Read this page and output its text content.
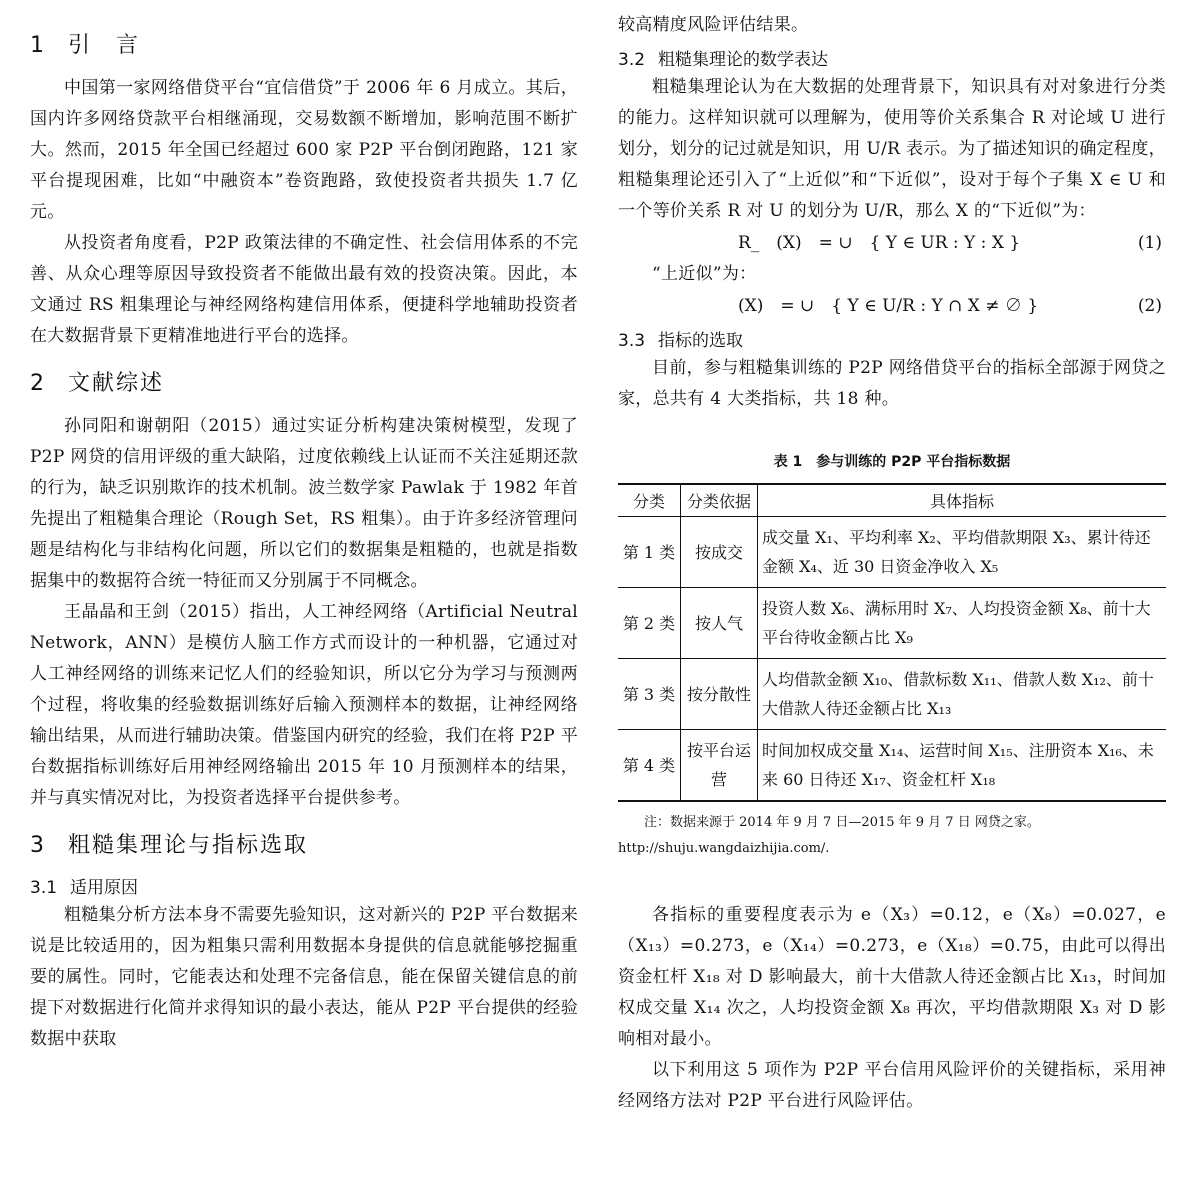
1 引　言

中国第一家网络借贷平台“宜信借贷”于 2006 年 6 月成立。其后，国内许多网络贷款平台相继涌现，交易数额不断增加，影响范围不断扩大。然而，2015 年全国已经超过 600 家 P2P 平台倒闭跑路，121 家平台提现困难，比如“中融资本”卷资跑路，致使投资者共损失 1.7 亿元。

从投资者角度看，P2P 政策法律的不确定性、社会信用体系的不完善、从众心理等原因导致投资者不能做出最有效的投资决策。因此，本文通过 RS 粗集理论与神经网络构建信用体系，便捷科学地辅助投资者在大数据背景下更精准地进行平台的选择。

2 文献综述

孙同阳和谢朝阳（2015）通过实证分析构建决策树模型，发现了 P2P 网贷的信用评级的重大缺陷，过度依赖线上认证而不关注延期还款的行为，缺乏识别欺诈的技术机制。波兰数学家 Pawlak 于 1982 年首先提出了粗糙集合理论（Rough Set，RS 粗集）。由于许多经济管理问题是结构化与非结构化问题，所以它们的数据集是粗糙的，也就是指数据集中的数据符合统一特征而又分别属于不同概念。

王晶晶和王剑（2015）指出，人工神经网络（Artificial Neutral Network，ANN）是模仿人脑工作方式而设计的一种机器，它通过对人工神经网络的训练来记忆人们的经验知识，所以它分为学习与预测两个过程，将收集的经验数据训练好后输入预测样本的数据，让神经网络输出结果，从而进行辅助决策。借鉴国内研究的经验，我们在将 P2P 平台数据指标训练好后用神经网络输出 2015 年 10 月预测样本的结果，并与真实情况对比，为投资者选择平台提供参考。

3 粗糙集理论与指标选取
3.1 适用原因

粗糙集分析方法本身不需要先验知识，这对新兴的 P2P 平台数据来说是比较适用的，因为粗集只需利用数据本身提供的信息就能够挖掘重要的属性。同时，它能表达和处理不完备信息，能在保留关键信息的前提下对数据进行化简并求得知识的最小表达，能从 P2P 平台提供的经验数据中获取

较高精度风险评估结果。

3.2 粗糙集理论的数学表达

粗糙集理论认为在大数据的处理背景下，知识具有对对象进行分类的能力。这样知识就可以理解为，使用等价关系集合 R 对论域 U 进行划分，划分的记过就是知识，用 U/R 表示。为了描述知识的确定程度，粗糙集理论还引入了“上近似”和“下近似”，设对于每个子集 X ∈ U 和一个等价关系 R 对 U 的划分为 U/R，那么 X 的“下近似”为：

R_　(X)　= ∪　{ Y ∈ UR : Y : X }	(1)

“上近似”为：

(X)　= ∪　{ Y ∈ U/R : Y ∩ X ≠ ∅ }	(2)
3.3 指标的选取

目前，参与粗糙集训练的 P2P 网络借贷平台的指标全部源于网贷之家，总共有 4 大类指标，共 18 种。

表 1　参与训练的 P2P 平台指标数据
分类	分类依据	具体指标
第 1 类	按成交	成交量 X₁、平均利率 X₂、平均借款期限 X₃、累计待还金额 X₄、近 30 日资金净收入 X₅
第 2 类	按人气	投资人数 X₆、满标用时 X₇、人均投资金额 X₈、前十大平台待收金额占比 X₉
第 3 类	按分散性	人均借款金额 X₁₀、借款标数 X₁₁、借款人数 X₁₂、前十大借款人待还金额占比 X₁₃
第 4 类	按平台运营	时间加权成交量 X₁₄、运营时间 X₁₅、注册资本 X₁₆、未来 60 日待还 X₁₇、资金杠杆 X₁₈

注：数据来源于 2014 年 9 月 7 日—2015 年 9 月 7 日 网贷之家。http://shuju.wangdaizhijia.com/.

各指标的重要程度表示为 e（X₃）=0.12，e（X₈）=0.027，e（X₁₃）=0.273，e（X₁₄）=0.273，e（X₁₈）=0.75，由此可以得出资金杠杆 X₁₈ 对 D 影响最大，前十大借款人待还金额占比 X₁₃，时间加权成交量 X₁₄ 次之，人均投资金额 X₈ 再次，平均借款期限 X₃ 对 D 影响相对最小。

以下利用这 5 项作为 P2P 平台信用风险评价的关键指标，采用神经网络方法对 P2P 平台进行风险评估。
